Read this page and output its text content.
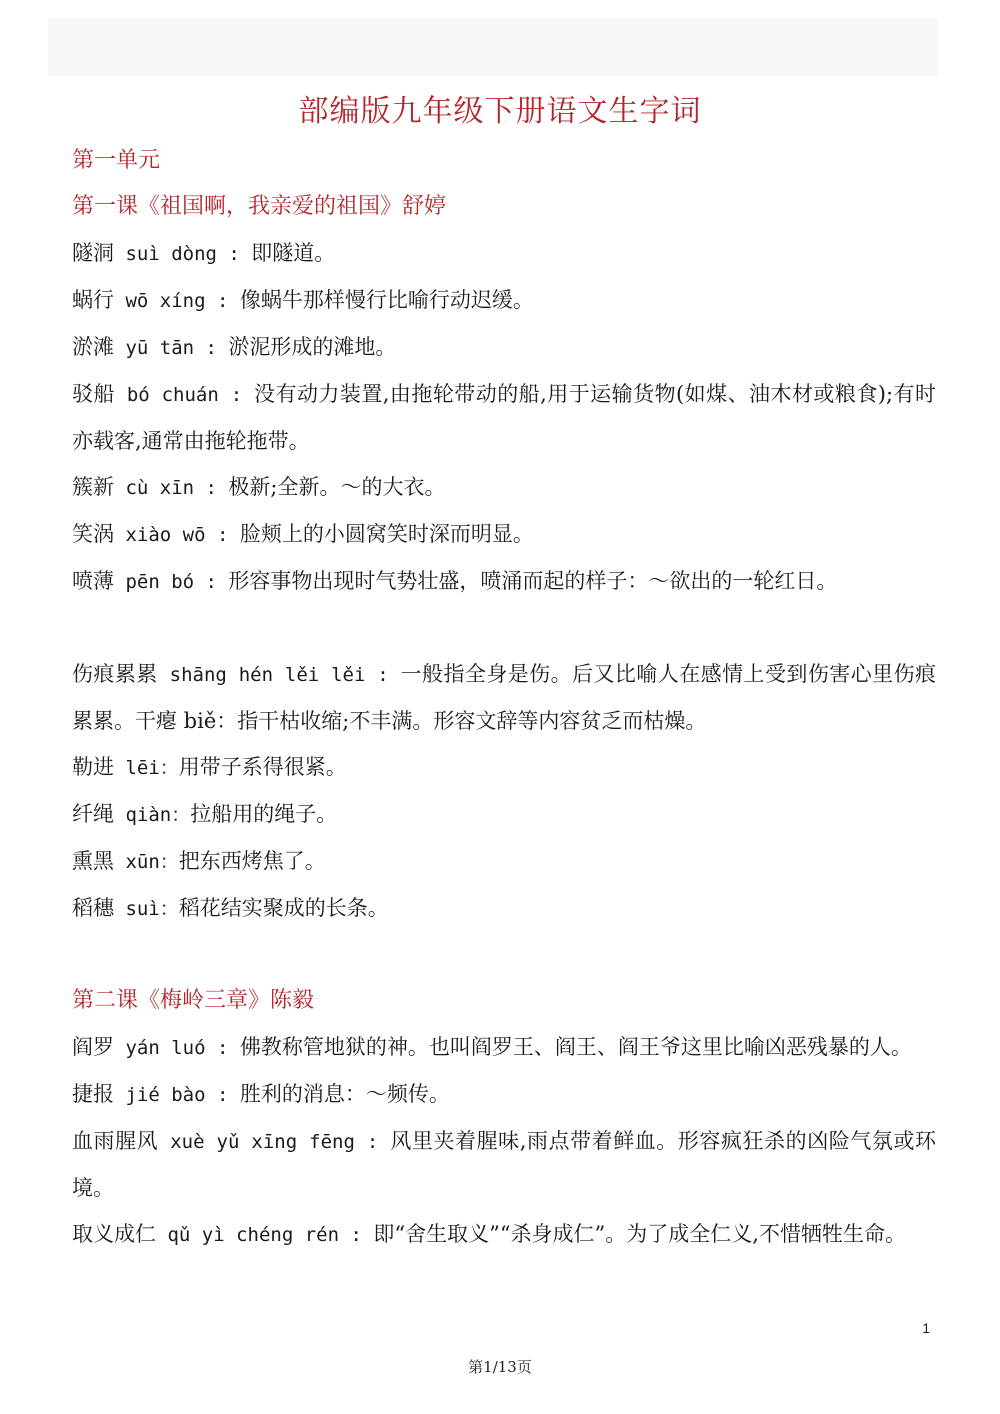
部编版九年级下册语文生字词

第一单元

第一课《祖国啊，我亲爱的祖国》舒婷

隧洞 suì dòng : 即隧道。

蜗行 wō xíng : 像蜗牛那样慢行比喻行动迟缓。

淤滩 yū tān : 淤泥形成的滩地。

驳船 bó chuán : 没有动力装置,由拖轮带动的船,用于运输货物(如煤、油木材或粮食);有时亦载客,通常由拖轮拖带。

簇新 cù xīn : 极新;全新。～的大衣。

笑涡 xiào wō : 脸颊上的小圆窝笑时深而明显。

喷薄 pēn bó : 形容事物出现时气势壮盛，喷涌而起的样子：～欲出的一轮红日。

伤痕累累 shāng hén lěi lěi : 一般指全身是伤。后又比喻人在感情上受到伤害心里伤痕累累。干瘪 biě：指干枯收缩;不丰满。形容文辞等内容贫乏而枯燥。

勒进 lēi：用带子系得很紧。

纤绳 qiàn：拉船用的绳子。

熏黑 xūn：把东西烤焦了。

稻穗 suì：稻花结实聚成的长条。

第二课《梅岭三章》陈毅

阎罗 yán luó : 佛教称管地狱的神。也叫阎罗王、阎王、阎王爷这里比喻凶恶残暴的人。

捷报 jié bào : 胜利的消息：～频传。

血雨腥风 xuè yǔ xīng fēng : 风里夹着腥味,雨点带着鲜血。形容疯狂杀的凶险气氛或环境。

取义成仁 qǔ yì chéng rén : 即“舍生取义”“杀身成仁”。为了成全仁义,不惜牺牲生命。

1
第1/13页
